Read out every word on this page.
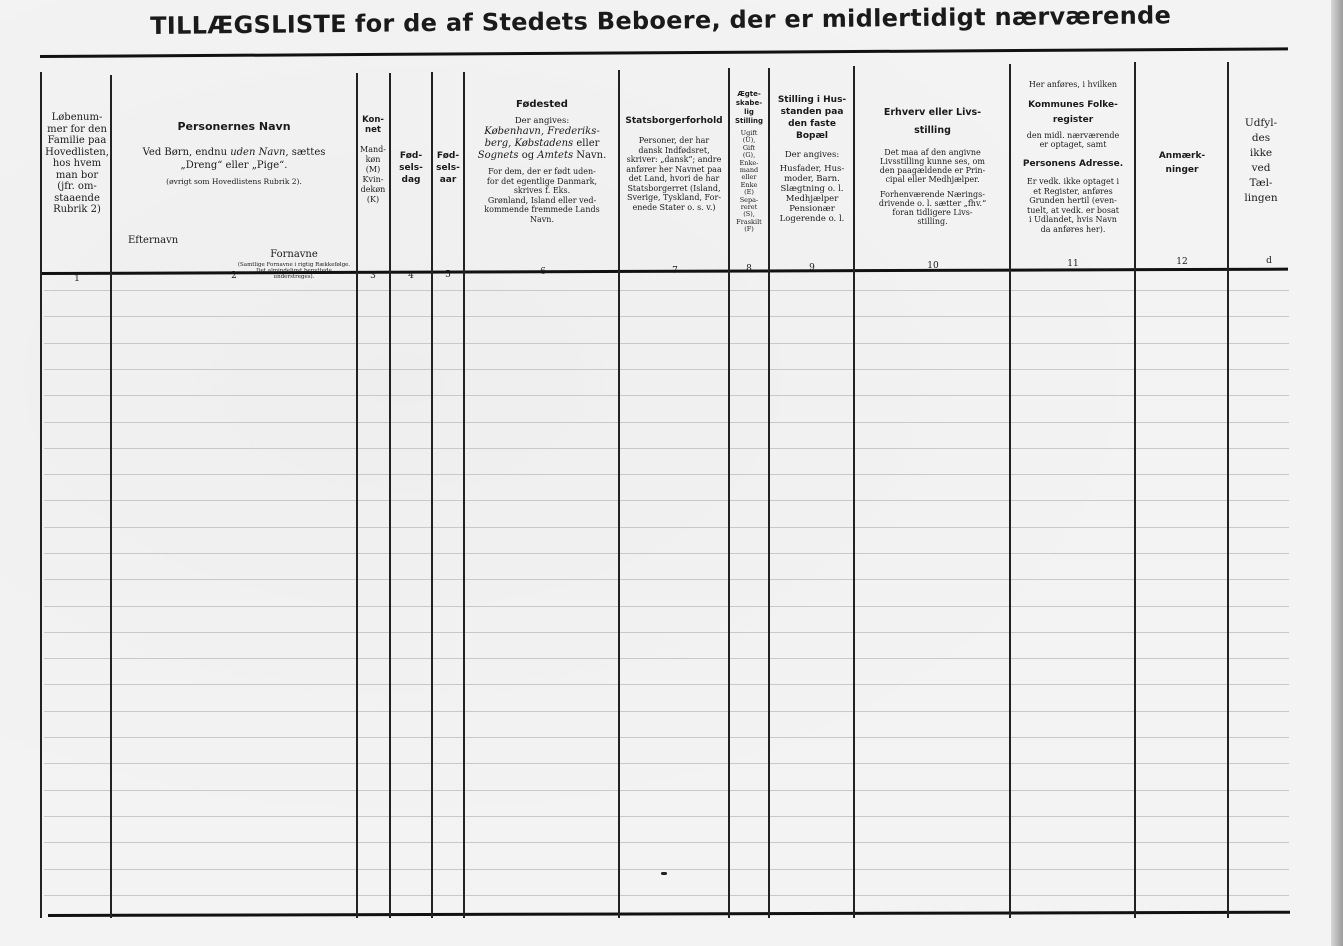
TILLÆGSLISTE for de af Stedets Beboere, der er midlertidigt nærværende
Løbenum-
mer for den
Familie paa
Hovedlisten,
hos hvem
man bor
(jfr. om-
staaende
Rubrik 2)
1
Personernes Navn
Ved Børn, endnu uden Navn, sættes
„Dreng“ eller „Pige“.
(øvrigt som Hovedlistens Rubrik 2).
Efternavn
Fornavne
(Samtlige Fornavne i rigtig Rækkefølge. Det almindeligst benyttede understreges).
2
Kon-
net
Mand-
køn
(M)
Kvin-
dekøn
(K)
3
Fød-
sels-
dag
4
Fød-
sels-
aar
5
Fødested
Der angives:
København, Frederiks-
berg, Købstadens eller Sognets og Amtets Navn.
For dem, der er født uden-
for det egentlige Danmark,
skrives f. Eks.
Grønland, Island eller ved-
kommende fremmede Lands
Navn.
6
Statsborgerforhold
Personer, der har
dansk Indfødsret,
skriver: „dansk“; andre
anfører her Navnet paa
det Land, hvori de har
Statsborgerret (Island,
Sverige, Tyskland, For-
enede Stater o. s. v.)
7
Ægte-
skabe-
lig
Stilling
Ugift
(U),
Gift
(G),
Enke-
mand
eller
Enke
(E)
Sepa-
reret
(S),
Fraskilt
(F)
8
Stilling i Hus-
standen paa
den faste
Bopæl
Der angives:
Husfader, Hus-
moder, Barn.
Slægtning o. l.
Medhjælper
Pensionær
Logerende o. l.
9
Erhverv eller Livs-
stilling
Det maa af den angivne
Livsstilling kunne ses, om
den paagældende er Prin-
cipal eller Medhjælper.
Forhenværende Nærings-
drivende o. l. sætter „fhv.“
foran tidligere Livs-
stilling.
10
Her anføres, i hvilken
Kommunes Folke-
register
den midl. nærværende
er optaget, samt
Personens Adresse.
Er vedk. ikke optaget i
et Register, anføres
Grunden hertil (even-
tuelt, at vedk. er bosat
i Udlandet, hvis Navn
da anføres her).
11
Anmærk-
ninger
12
Udfyl-
des
ikke
ved
Tæl-
lingen
d
